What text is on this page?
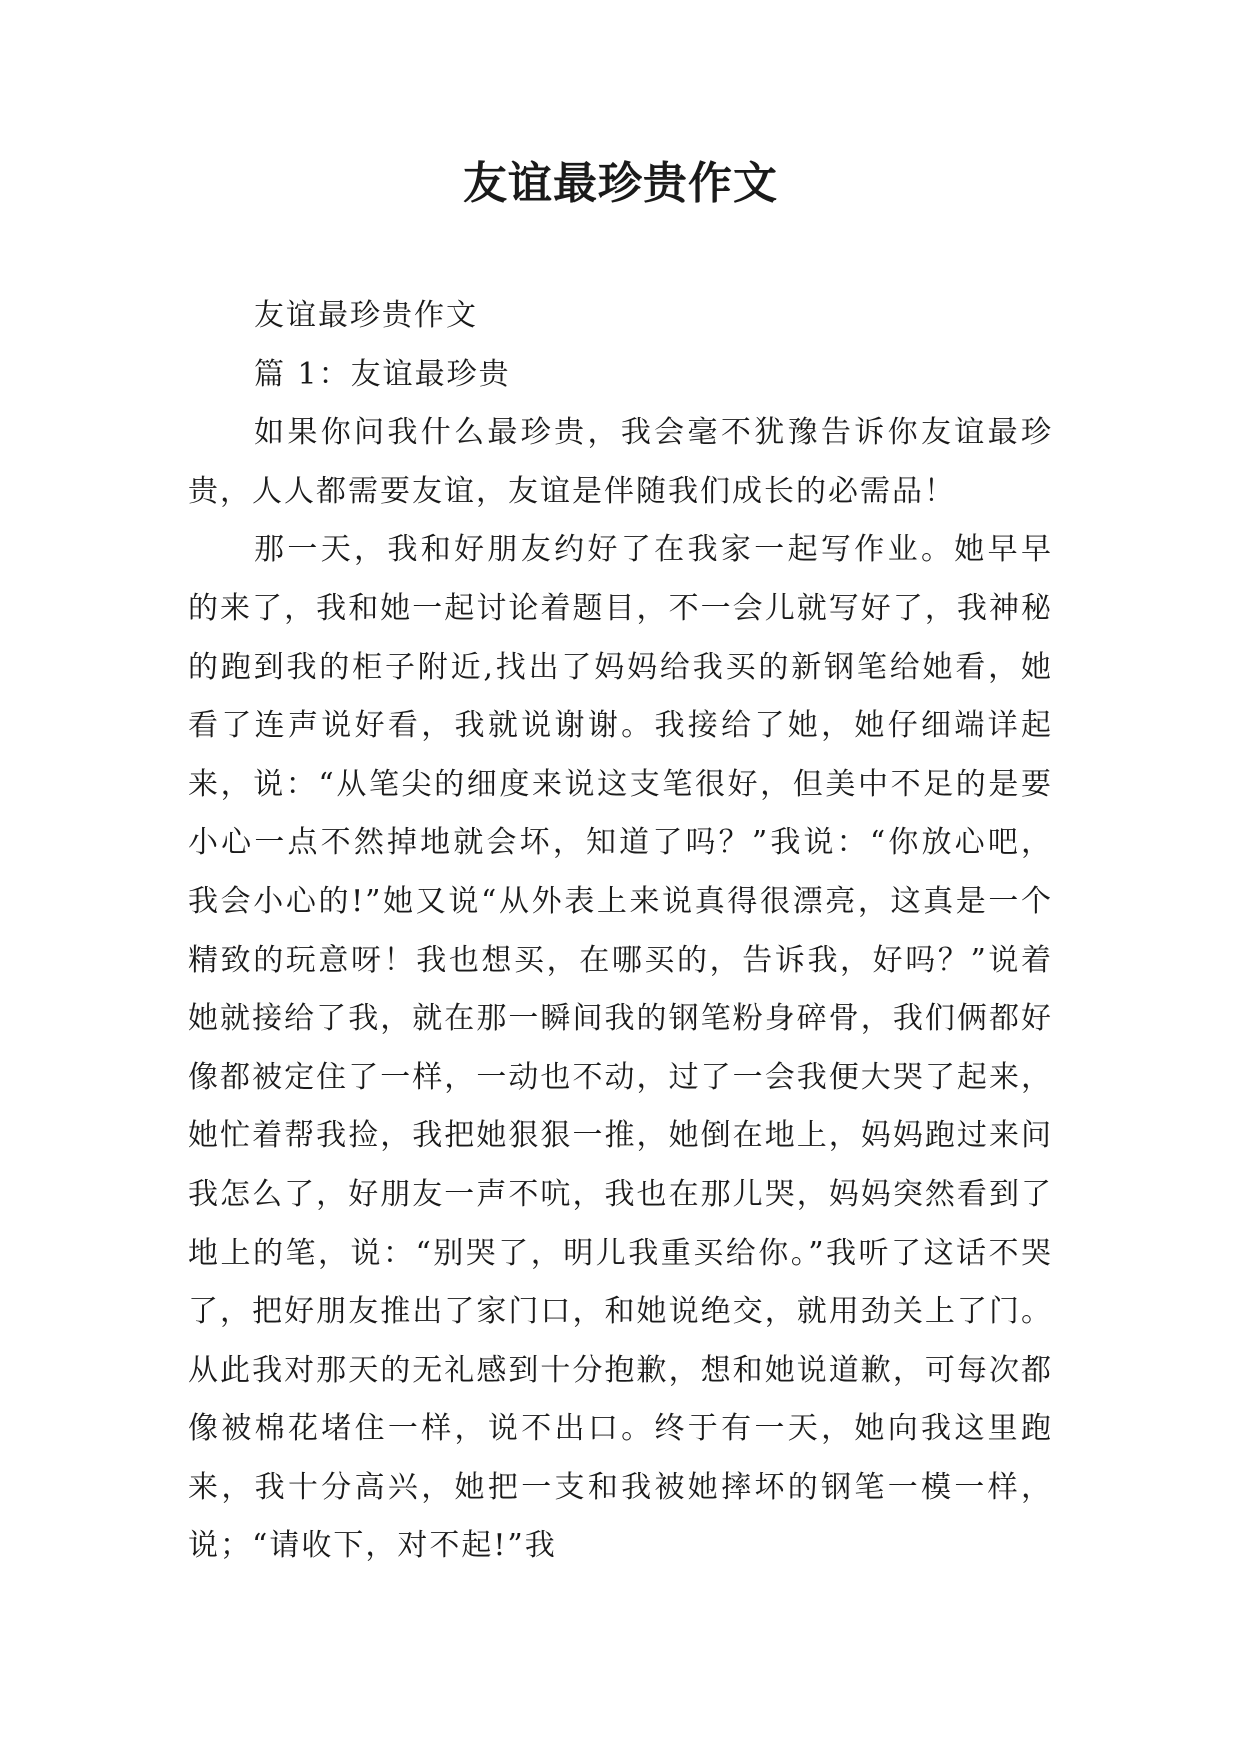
友谊最珍贵作文

友谊最珍贵作文

篇 1：友谊最珍贵

如果你问我什么最珍贵，我会毫不犹豫告诉你友谊最珍贵，人人都需要友谊，友谊是伴随我们成长的必需品！

那一天，我和好朋友约好了在我家一起写作业。她早早的来了，我和她一起讨论着题目，不一会儿就写好了，我神秘的跑到我的柜子附近,找出了妈妈给我买的新钢笔给她看，她看了连声说好看，我就说谢谢。我接给了她，她仔细端详起来，说：“从笔尖的细度来说这支笔很好，但美中不足的是要小心一点不然掉地就会坏，知道了吗？”我说：“你放心吧，我会小心的!”她又说“从外表上来说真得很漂亮，这真是一个精致的玩意呀！我也想买，在哪买的，告诉我，好吗？”说着她就接给了我，就在那一瞬间我的钢笔粉身碎骨，我们俩都好像都被定住了一样，一动也不动，过了一会我便大哭了起来，她忙着帮我捡，我把她狠狠一推，她倒在地上，妈妈跑过来问我怎么了，好朋友一声不吭，我也在那儿哭，妈妈突然看到了地上的笔，说：“别哭了，明儿我重买给你。”我听了这话不哭了，把好朋友推出了家门口，和她说绝交，就用劲关上了门。从此我对那天的无礼感到十分抱歉，想和她说道歉，可每次都像被棉花堵住一样，说不出口。终于有一天，她向我这里跑来，我十分高兴，她把一支和我被她摔坏的钢笔一模一样，说；“请收下，对不起!”我
